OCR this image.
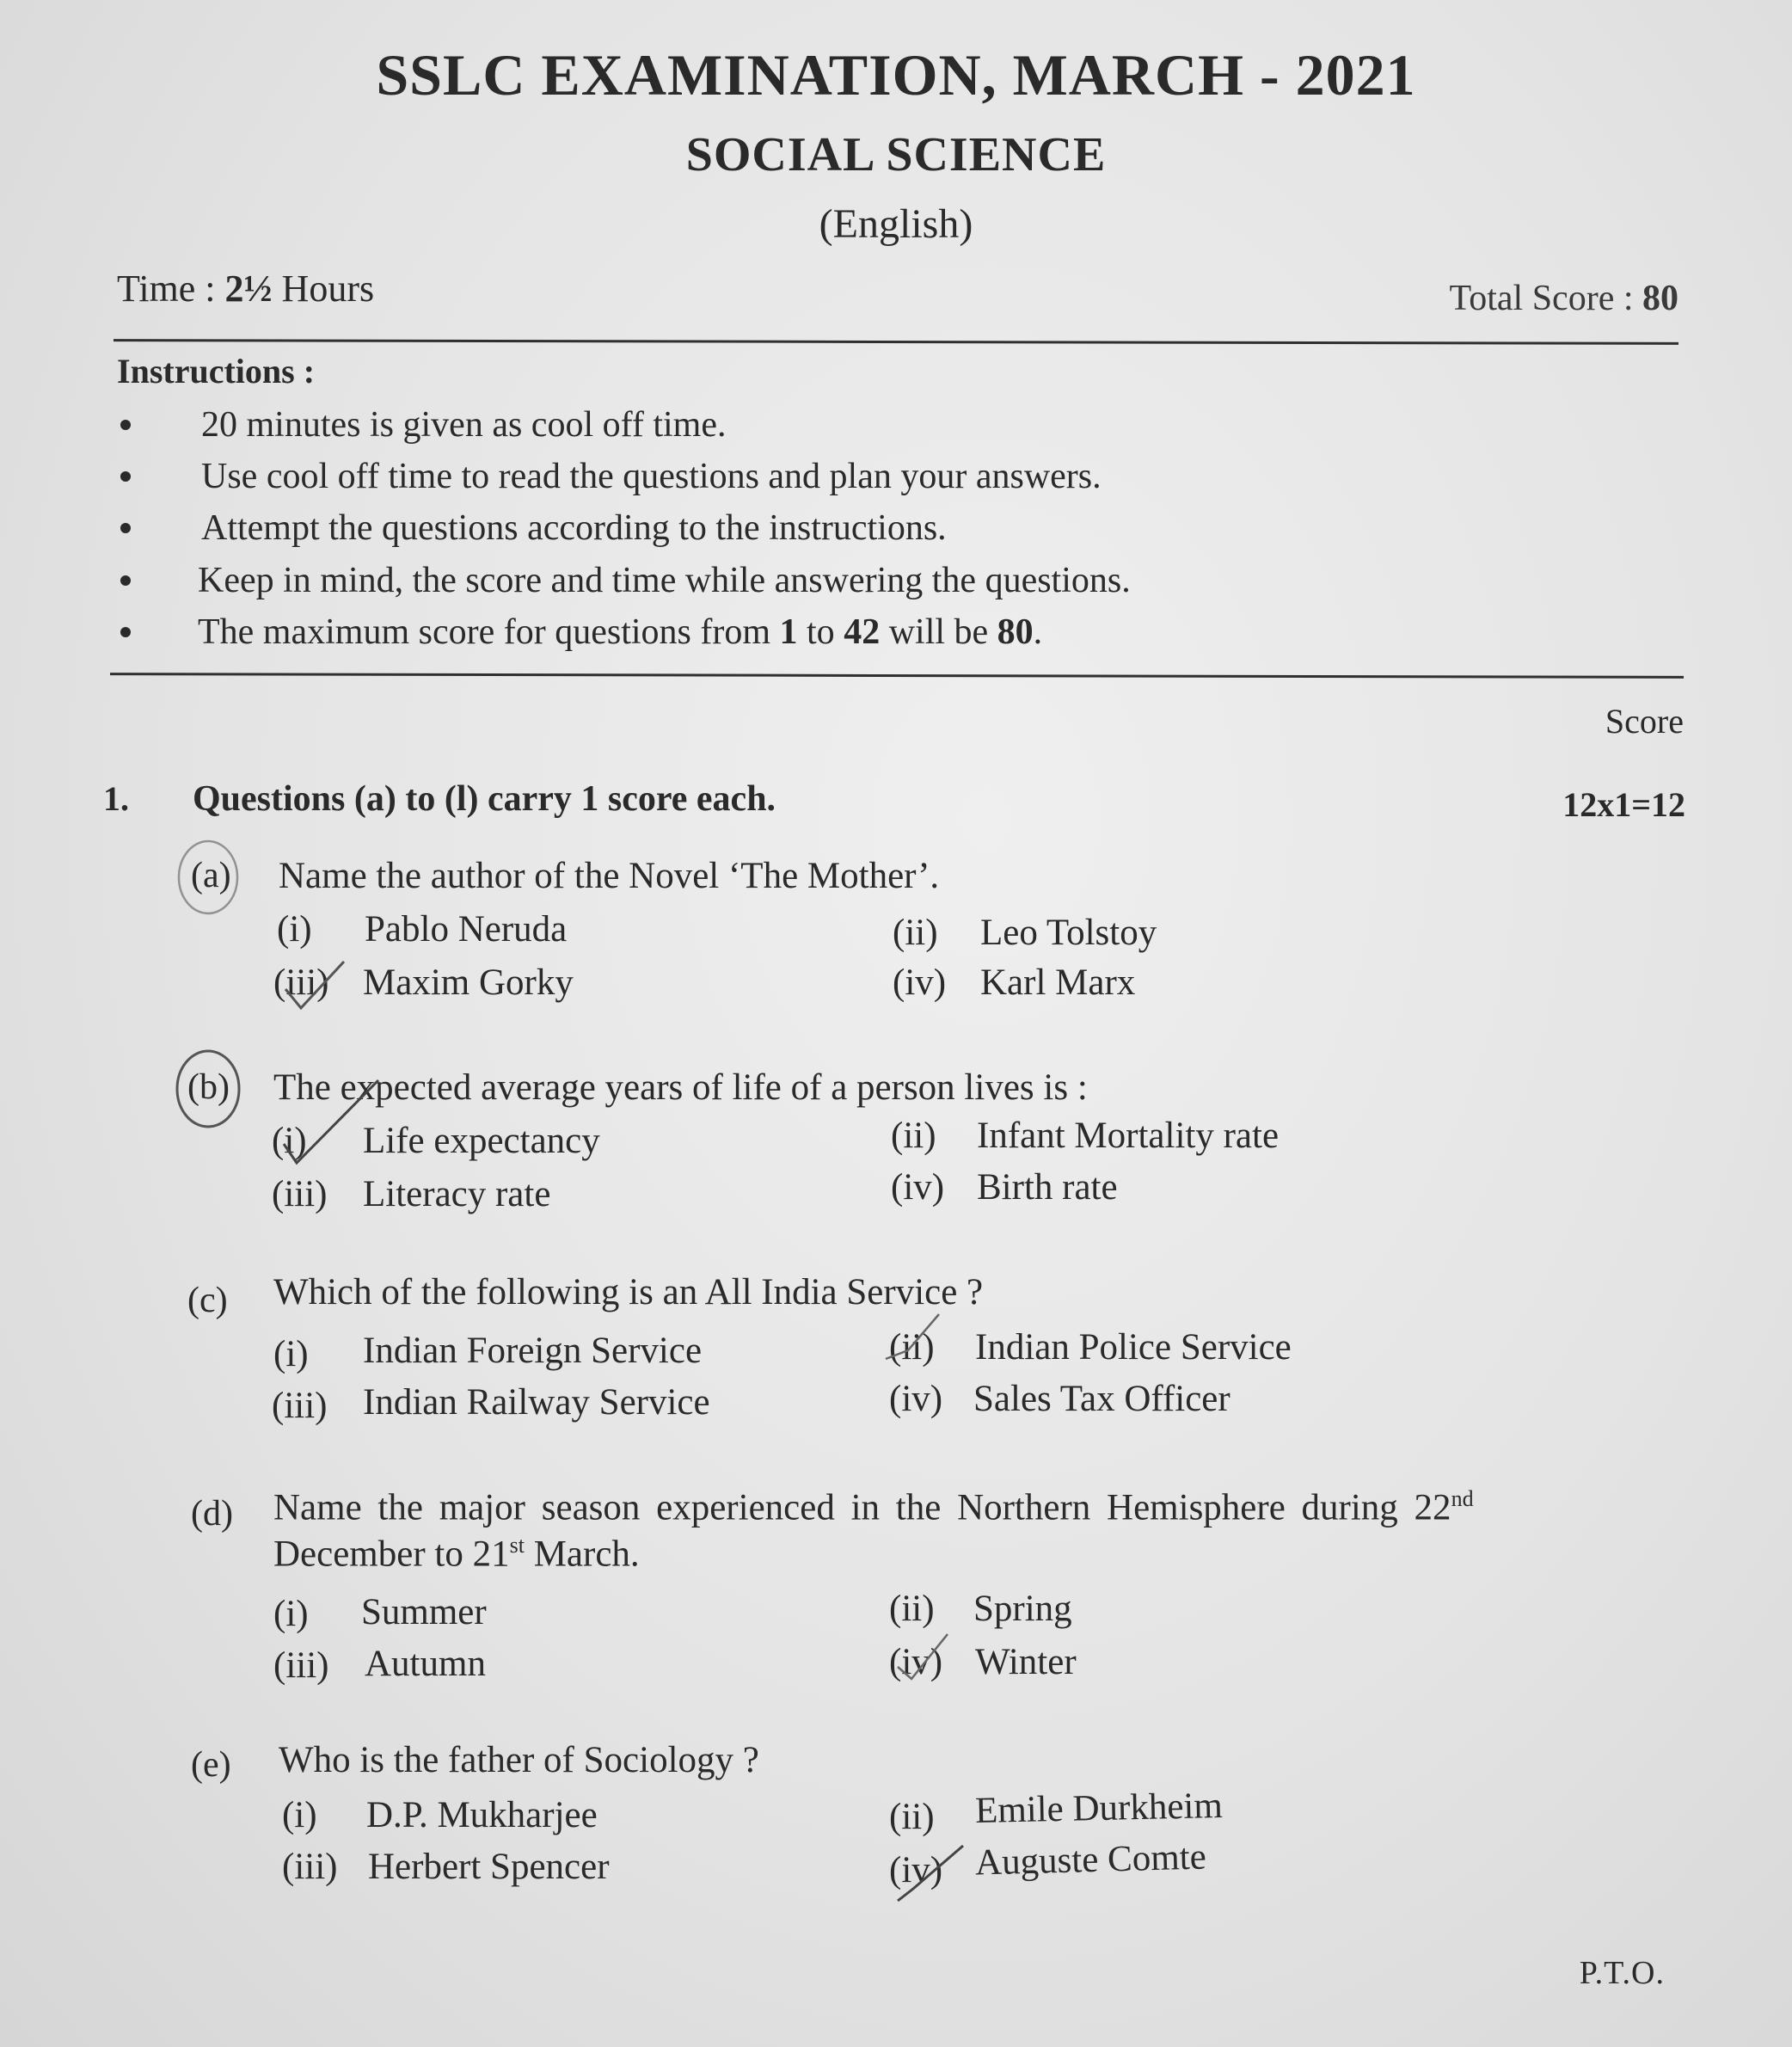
SSLC EXAMINATION, MARCH - 2021
SOCIAL SCIENCE
(English)
Time : 2½ Hours	Total Score : 80
Instructions :
20 minutes is given as cool off time.
Use cool off time to read the questions and plan your answers.
Attempt the questions according to the instructions.
Keep in mind, the score and time while answering the questions.
The maximum score for questions from 1 to 42 will be 80.
Score
1. Questions (a) to (l) carry 1 score each.	12x1=12
(a) Name the author of the Novel ‘The Mother’.
(i) Pablo Neruda	(ii) Leo Tolstoy
(iii) Maxim Gorky	(iv) Karl Marx
(b) The expected average years of life of a person lives is :
(i) Life expectancy	(ii) Infant Mortality rate
(iii) Literacy rate	(iv) Birth rate
(c) Which of the following is an All India Service ?
(i) Indian Foreign Service	(ii) Indian Police Service
(iii) Indian Railway Service	(iv) Sales Tax Officer
(d) Name the major season experienced in the Northern Hemisphere during 22nd
December to 21st March.
(i) Summer	(ii) Spring
(iii) Autumn	(iv) Winter
(e) Who is the father of Sociology ?
(i) D.P. Mukharjee	(ii) Emile Durkheim
(iii) Herbert Spencer	(iv) Auguste Comte
P.T.O.
